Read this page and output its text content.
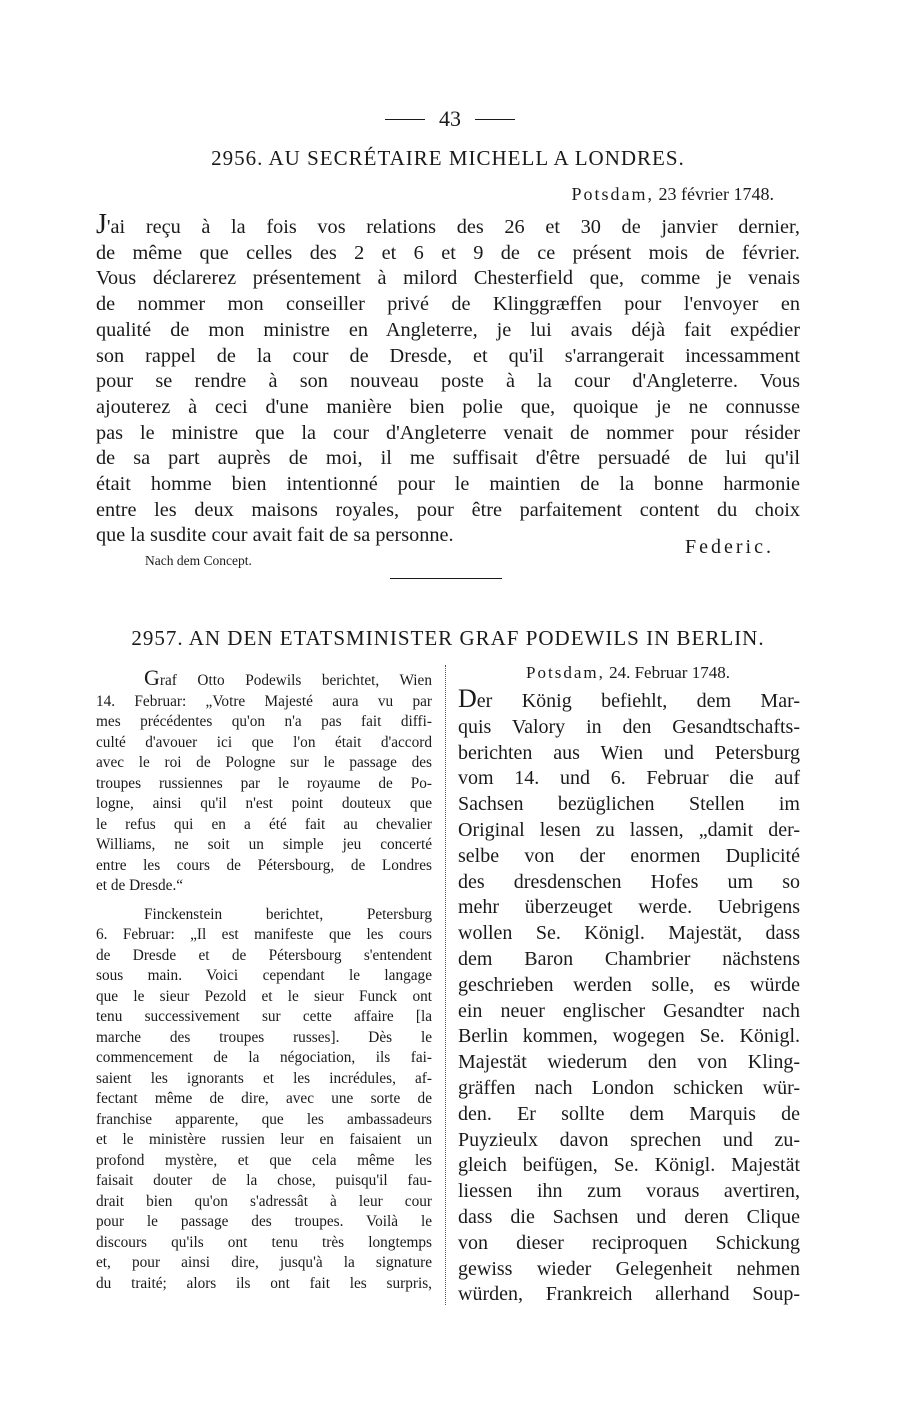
43
2956. AU SECRÉTAIRE MICHELL A LONDRES.
Potsdam, 23 février 1748.

J'ai reçu à la fois vos relations des 26 et 30 de janvier dernier,
de même que celles des 2 et 6 et 9 de ce présent mois de février.
Vous déclarerez présentement à milord Chesterfield que, comme je venais
de nommer mon conseiller privé de Klinggræffen pour l'envoyer en
qualité de mon ministre en Angleterre, je lui avais déjà fait expédier
son rappel de la cour de Dresde, et qu'il s'arrangerait incessamment
pour se rendre à son nouveau poste à la cour d'Angleterre. Vous
ajouterez à ceci d'une manière bien polie que, quoique je ne connusse
pas le ministre que la cour d'Angleterre venait de nommer pour résider
de sa part auprès de moi, il me suffisait d'être persuadé de lui qu'il
était homme bien intentionné pour le maintien de la bonne harmonie
entre les deux maisons royales, pour être parfaitement content du choix
que la susdite cour avait fait de sa personne.

Federic.
Nach dem Concept.
2957. AN DEN ETATSMINISTER GRAF PODEWILS IN BERLIN.

Graf Otto Podewils berichtet, Wien
14. Februar: „Votre Majesté aura vu par
mes précédentes qu'on n'a pas fait diffi-
culté d'avouer ici que l'on était d'accord
avec le roi de Pologne sur le passage des
troupes russiennes par le royaume de Po-
logne, ainsi qu'il n'est point douteux que
le refus qui en a été fait au chevalier
Williams, ne soit un simple jeu concerté
entre les cours de Pétersbourg, de Londres
et de Dresde.“

Finckenstein berichtet, Petersburg
6. Februar: „Il est manifeste que les cours
de Dresde et de Pétersbourg s'entendent
sous main. Voici cependant le langage
que le sieur Pezold et le sieur Funck ont
tenu successivement sur cette affaire [la
marche des troupes russes]. Dès le
commencement de la négociation, ils fai-
saient les ignorants et les incrédules, af-
fectant même de dire, avec une sorte de
franchise apparente, que les ambassadeurs
et le ministère russien leur en faisaient un
profond mystère, et que cela même les
faisait douter de la chose, puisqu'il fau-
drait bien qu'on s'adressât à leur cour
pour le passage des troupes. Voilà le
discours qu'ils ont tenu très longtemps
et, pour ainsi dire, jusqu'à la signature
du traité; alors ils ont fait les surpris,

Potsdam, 24. Februar 1748.

Der König befiehlt, dem Mar-
quis Valory in den Gesandtschafts-
berichten aus Wien und Petersburg
vom 14. und 6. Februar die auf
Sachsen bezüglichen Stellen im
Original lesen zu lassen, „damit der-
selbe von der enormen Duplicité
des dresdenschen Hofes um so
mehr überzeuget werde. Uebrigens
wollen Se. Königl. Majestät, dass
dem Baron Chambrier nächstens
geschrieben werden solle, es würde
ein neuer englischer Gesandter nach
Berlin kommen, wogegen Se. Königl.
Majestät wiederum den von Kling-
gräffen nach London schicken wür-
den. Er sollte dem Marquis de
Puyzieulx davon sprechen und zu-
gleich beifügen, Se. Königl. Majestät
liessen ihn zum voraus avertiren,
dass die Sachsen und deren Clique
von dieser reciproquen Schickung
gewiss wieder Gelegenheit nehmen
würden, Frankreich allerhand Soup-
